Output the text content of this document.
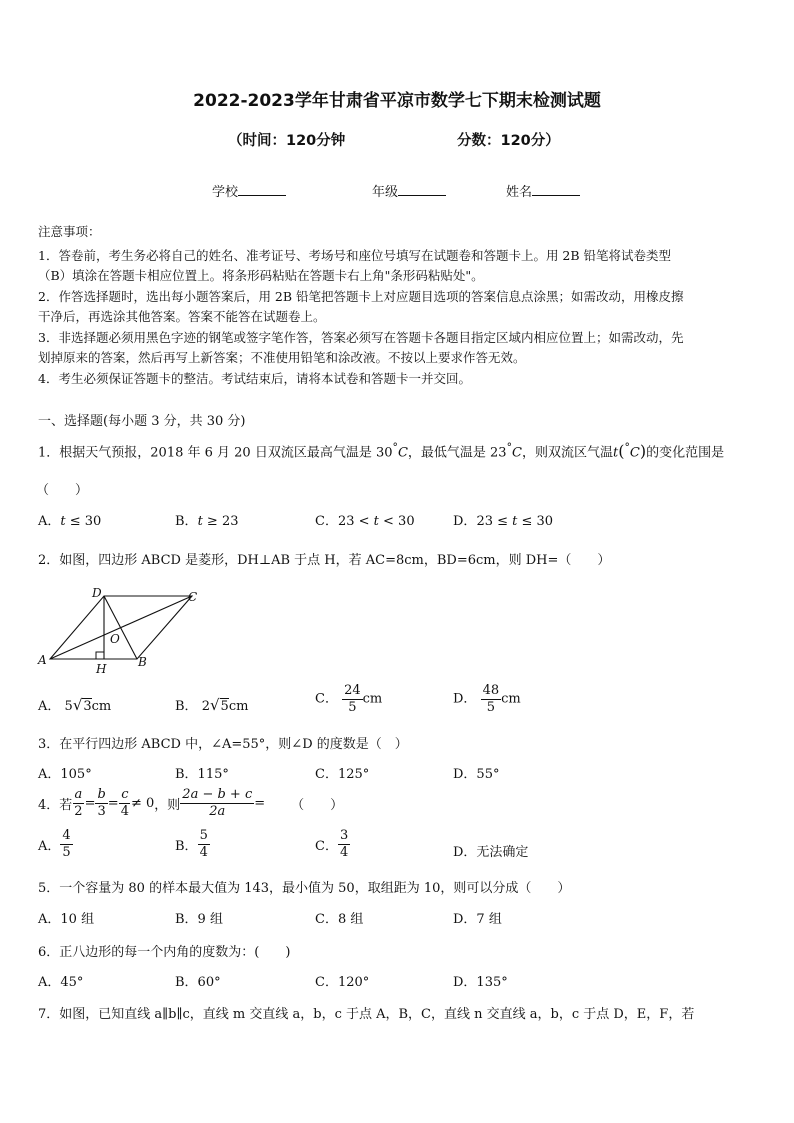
2022-2023学年甘肃省平凉市数学七下期末检测试题
（时间：120分钟	分数：120分）
学校	年级	姓名
注意事项：
1．答卷前，考生务必将自己的姓名、准考证号、考场号和座位号填写在试题卷和答题卡上。用 2B 铅笔将试卷类型
（B）填涂在答题卡相应位置上。将条形码粘贴在答题卡右上角"条形码粘贴处"。
2．作答选择题时，选出每小题答案后，用 2B 铅笔把答题卡上对应题目选项的答案信息点涂黑；如需改动，用橡皮擦
干净后，再选涂其他答案。答案不能答在试题卷上。
3．非选择题必须用黑色字迹的钢笔或签字笔作答，答案必须写在答题卡各题目指定区域内相应位置上；如需改动，先
划掉原来的答案，然后再写上新答案；不准使用铅笔和涂改液。不按以上要求作答无效。
4．考生必须保证答题卡的整洁。考试结束后，请将本试卷和答题卡一并交回。
一、选择题(每小题 3 分，共 30 分)
1．根据天气预报，2018 年 6 月 20 日双流区最高气温是 30°C，最低气温是 23°C，则双流区气温t(°C)的变化范围是
（　　）
A．t ≤ 30	B．t ≥ 23	C．23 < t < 30	D．23 ≤ t ≤ 30
2．如图，四边形 ABCD 是菱形，DH⊥AB 于点 H，若 AC=8cm，BD=6cm，则 DH=（　　）
D	C
O
A
H	B
A． 5√3cm	B． 2√5cm	C． $\frac{24}{5}$ cm	D． $\frac{48}{5}$ cm
3．在平行四边形 ABCD 中，∠A=55°，则∠D 的度数是（　）
A．105°	B．115°	C．125°	D．55°
4．若 $\frac{a}{2} = \frac{b}{3} = \frac{c}{4} \ne 0$ ，则 $\frac{2a - b + c}{2a}$ = （　　）
A． $\frac{4}{5}$	B． $\frac{5}{4}$	C． $\frac{3}{4}$	D．无法确定
5．一个容量为 80 的样本最大值为 143，最小值为 50，取组距为 10，则可以分成（　　）
A．10 组	B．9 组	C．8 组	D．7 组
6．正八边形的每一个内角的度数为：(　　)
A．45°	B．60°	C．120°	D．135°
7．如图，已知直线 a∥b∥c，直线 m 交直线 a，b，c 于点 A，B，C，直线 n 交直线 a，b，c 于点 D，E，F，若
